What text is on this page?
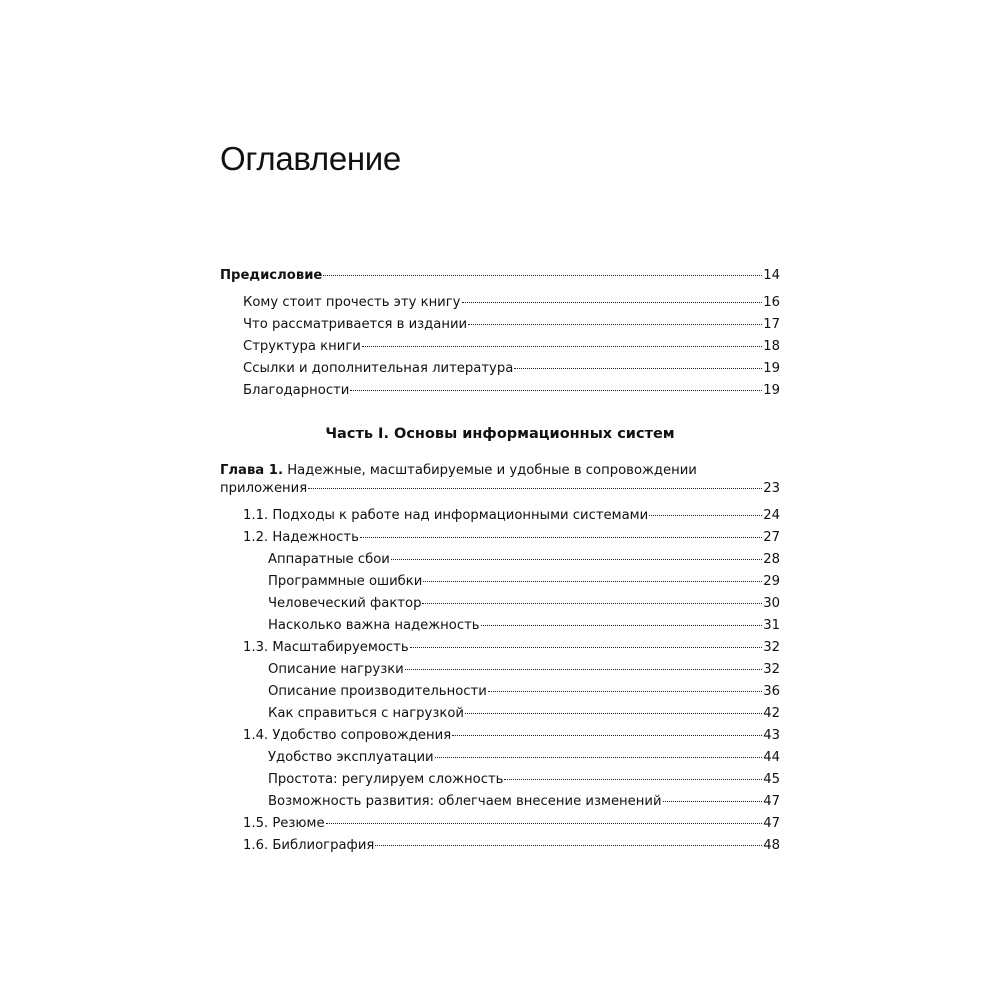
Оглавление
Предисловие	14
Кому стоит прочесть эту книгу	16
Что рассматривается в издании	17
Структура книги	18
Ссылки и дополнительная литература	19
Благодарности	19
Часть I. Основы информационных систем
Глава 1. Надежные, масштабируемые и удобные в сопровождении
приложения	23
1.1. Подходы к работе над информационными системами	24
1.2. Надежность	27
Аппаратные сбои	28
Программные ошибки	29
Человеческий фактор	30
Насколько важна надежность	31
1.3. Масштабируемость	32
Описание нагрузки	32
Описание производительности	36
Как справиться с нагрузкой	42
1.4. Удобство сопровождения	43
Удобство эксплуатации	44
Простота: регулируем сложность	45
Возможность развития: облегчаем внесение изменений	47
1.5. Резюме	47
1.6. Библиография	48
